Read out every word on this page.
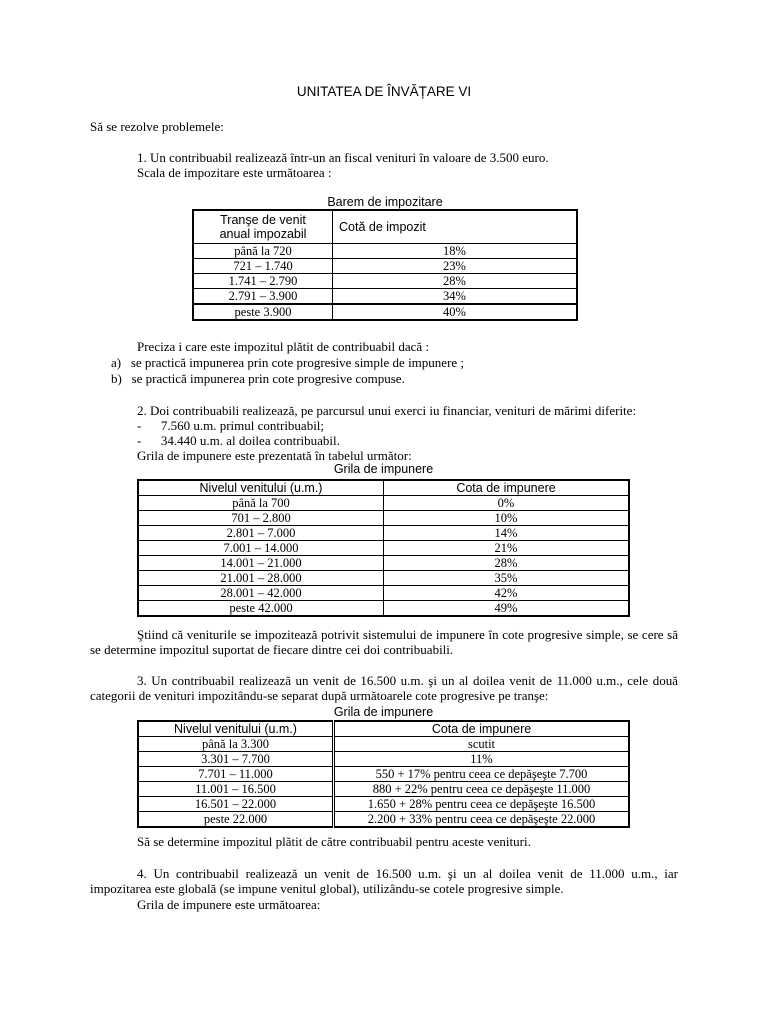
UNITATEA DE ÎNVĂȚARE VI
Să se rezolve problemele:
1. Un contribuabil realizează într-un an fiscal venituri în valoare de 3.500 euro.
Scala de impozitare este următoarea :
Barem de impozitare
Tranşe de venit
anual impozabil	Cotă de impozit
până la 720	18%
721 – 1.740	23%
1.741 – 2.790	28%
2.791 – 3.900	34%
peste 3.900	40%
Preciza i care este impozitul plătit de contribuabil dacă :
a)   se practică impunerea prin cote progresive simple de impunere ;
b)   se practică impunerea prin cote progresive compuse.
2. Doi contribuabili realizează, pe parcursul unui exerci iu financiar, venituri de mărimi diferite:
-      7.560 u.m. primul contribuabil;
-      34.440 u.m. al doilea contribuabil.
Grila de impunere este prezentată în tabelul următor:
Grila de impunere
Nivelul venitului (u.m.)	Cota de impunere
până la 700	0%
701 – 2.800	10%
2.801 – 7.000	14%
7.001 – 14.000	21%
14.001 – 21.000	28%
21.001 – 28.000	35%
28.001 – 42.000	42%
peste 42.000	49%

Ştiind că veniturile se impozitează potrivit sistemului de impunere în cote progresive simple, se cere să se determine impozitul suportat de fiecare dintre cei doi contribuabili.

3. Un contribuabil realizează un venit de 16.500 u.m. şi un al doilea venit de 11.000 u.m., cele două categorii de venituri impozitându-se separat după următoarele cote progresive pe tranşe:

Grila de impunere
Nivelul venitului (u.m.)	Cota de impunere
până la 3.300	scutit
3.301 – 7.700	11%
7.701 – 11.000	550 + 17% pentru ceea ce depăşeşte 7.700
11.001 – 16.500	880 + 22% pentru ceea ce depăşeşte 11.000
16.501 – 22.000	1.650 + 28% pentru ceea ce depăşeşte 16.500
peste 22.000	2.200 + 33% pentru ceea ce depăşeşte 22.000
Să se determine impozitul plătit de către contribuabil pentru aceste venituri.

4. Un contribuabil realizează un venit de 16.500 u.m. şi un al doilea venit de 11.000 u.m., iar impozitarea este globală (se impune venitul global), utilizându-se cotele progresive simple.

Grila de impunere este următoarea:
